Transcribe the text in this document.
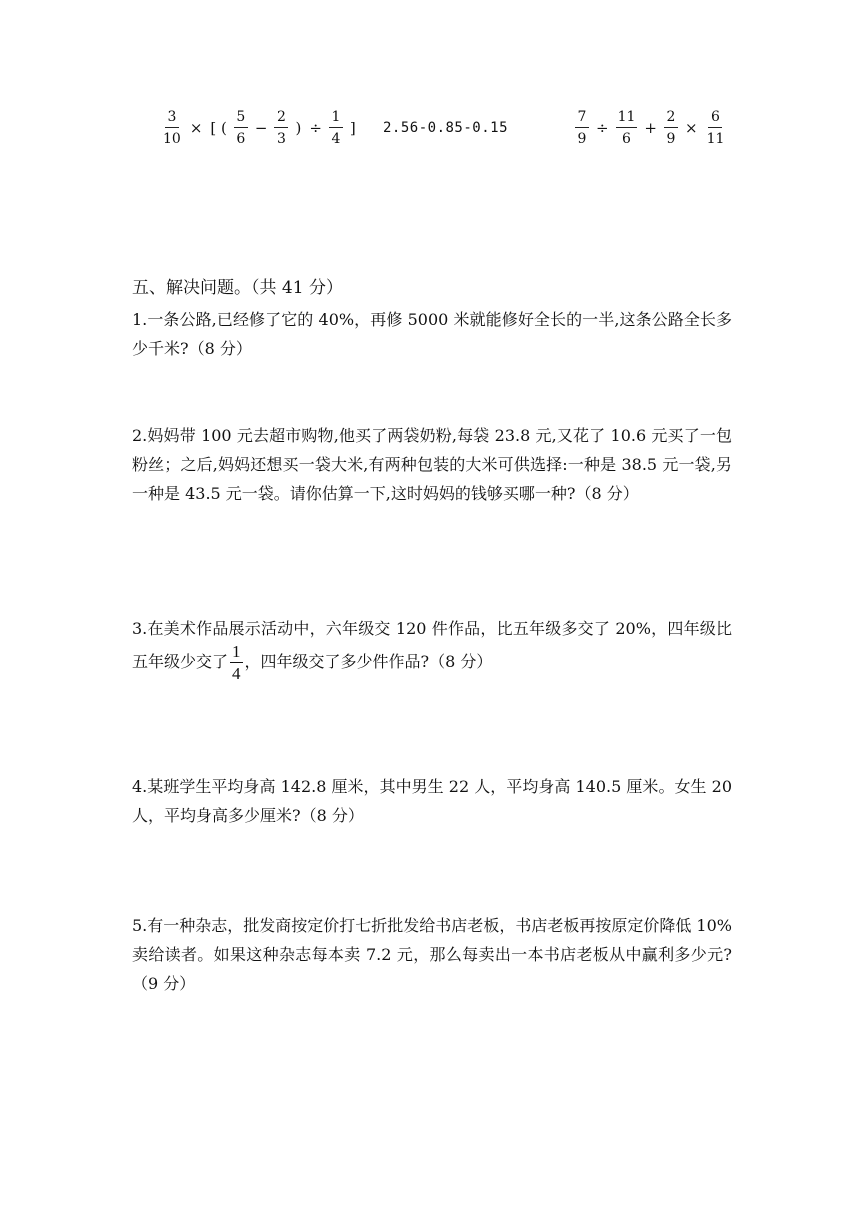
$\frac{3}{10}$ × [ ( $\frac{5}{6} - \frac{2}{3}$ ) ÷ $\frac{1}{4}$ ] 2.56-0.85-0.15	$\frac{7}{9} \div \frac{11}{6} + \frac{2}{9} \times \frac{6}{11}$
五、解决问题。（共 41 分）
1.一条公路,已经修了它的 40%，再修 5000 米就能修好全长的一半,这条公路全长多少千米?（8 分）
2.妈妈带 100 元去超市购物,他买了两袋奶粉,每袋 23.8 元,又花了 10.6 元买了一包粉丝；之后,妈妈还想买一袋大米,有两种包装的大米可供选择:一种是 38.5 元一袋,另一种是 43.5 元一袋。请你估算一下,这时妈妈的钱够买哪一种?（8 分）
3.在美术作品展示活动中，六年级交 120 件作品，比五年级多交了 20%，四年级比五年级少交了 $\frac{1}{4}$ ，四年级交了多少件作品?（8 分）
4.某班学生平均身高 142.8 厘米，其中男生 22 人，平均身高 140.5 厘米。女生 20 人，平均身高多少厘米?（8 分）
5.有一种杂志，批发商按定价打七折批发给书店老板，书店老板再按原定价降低 10%卖给读者。如果这种杂志每本卖 7.2 元，那么每卖出一本书店老板从中赢利多少元?（9 分）
